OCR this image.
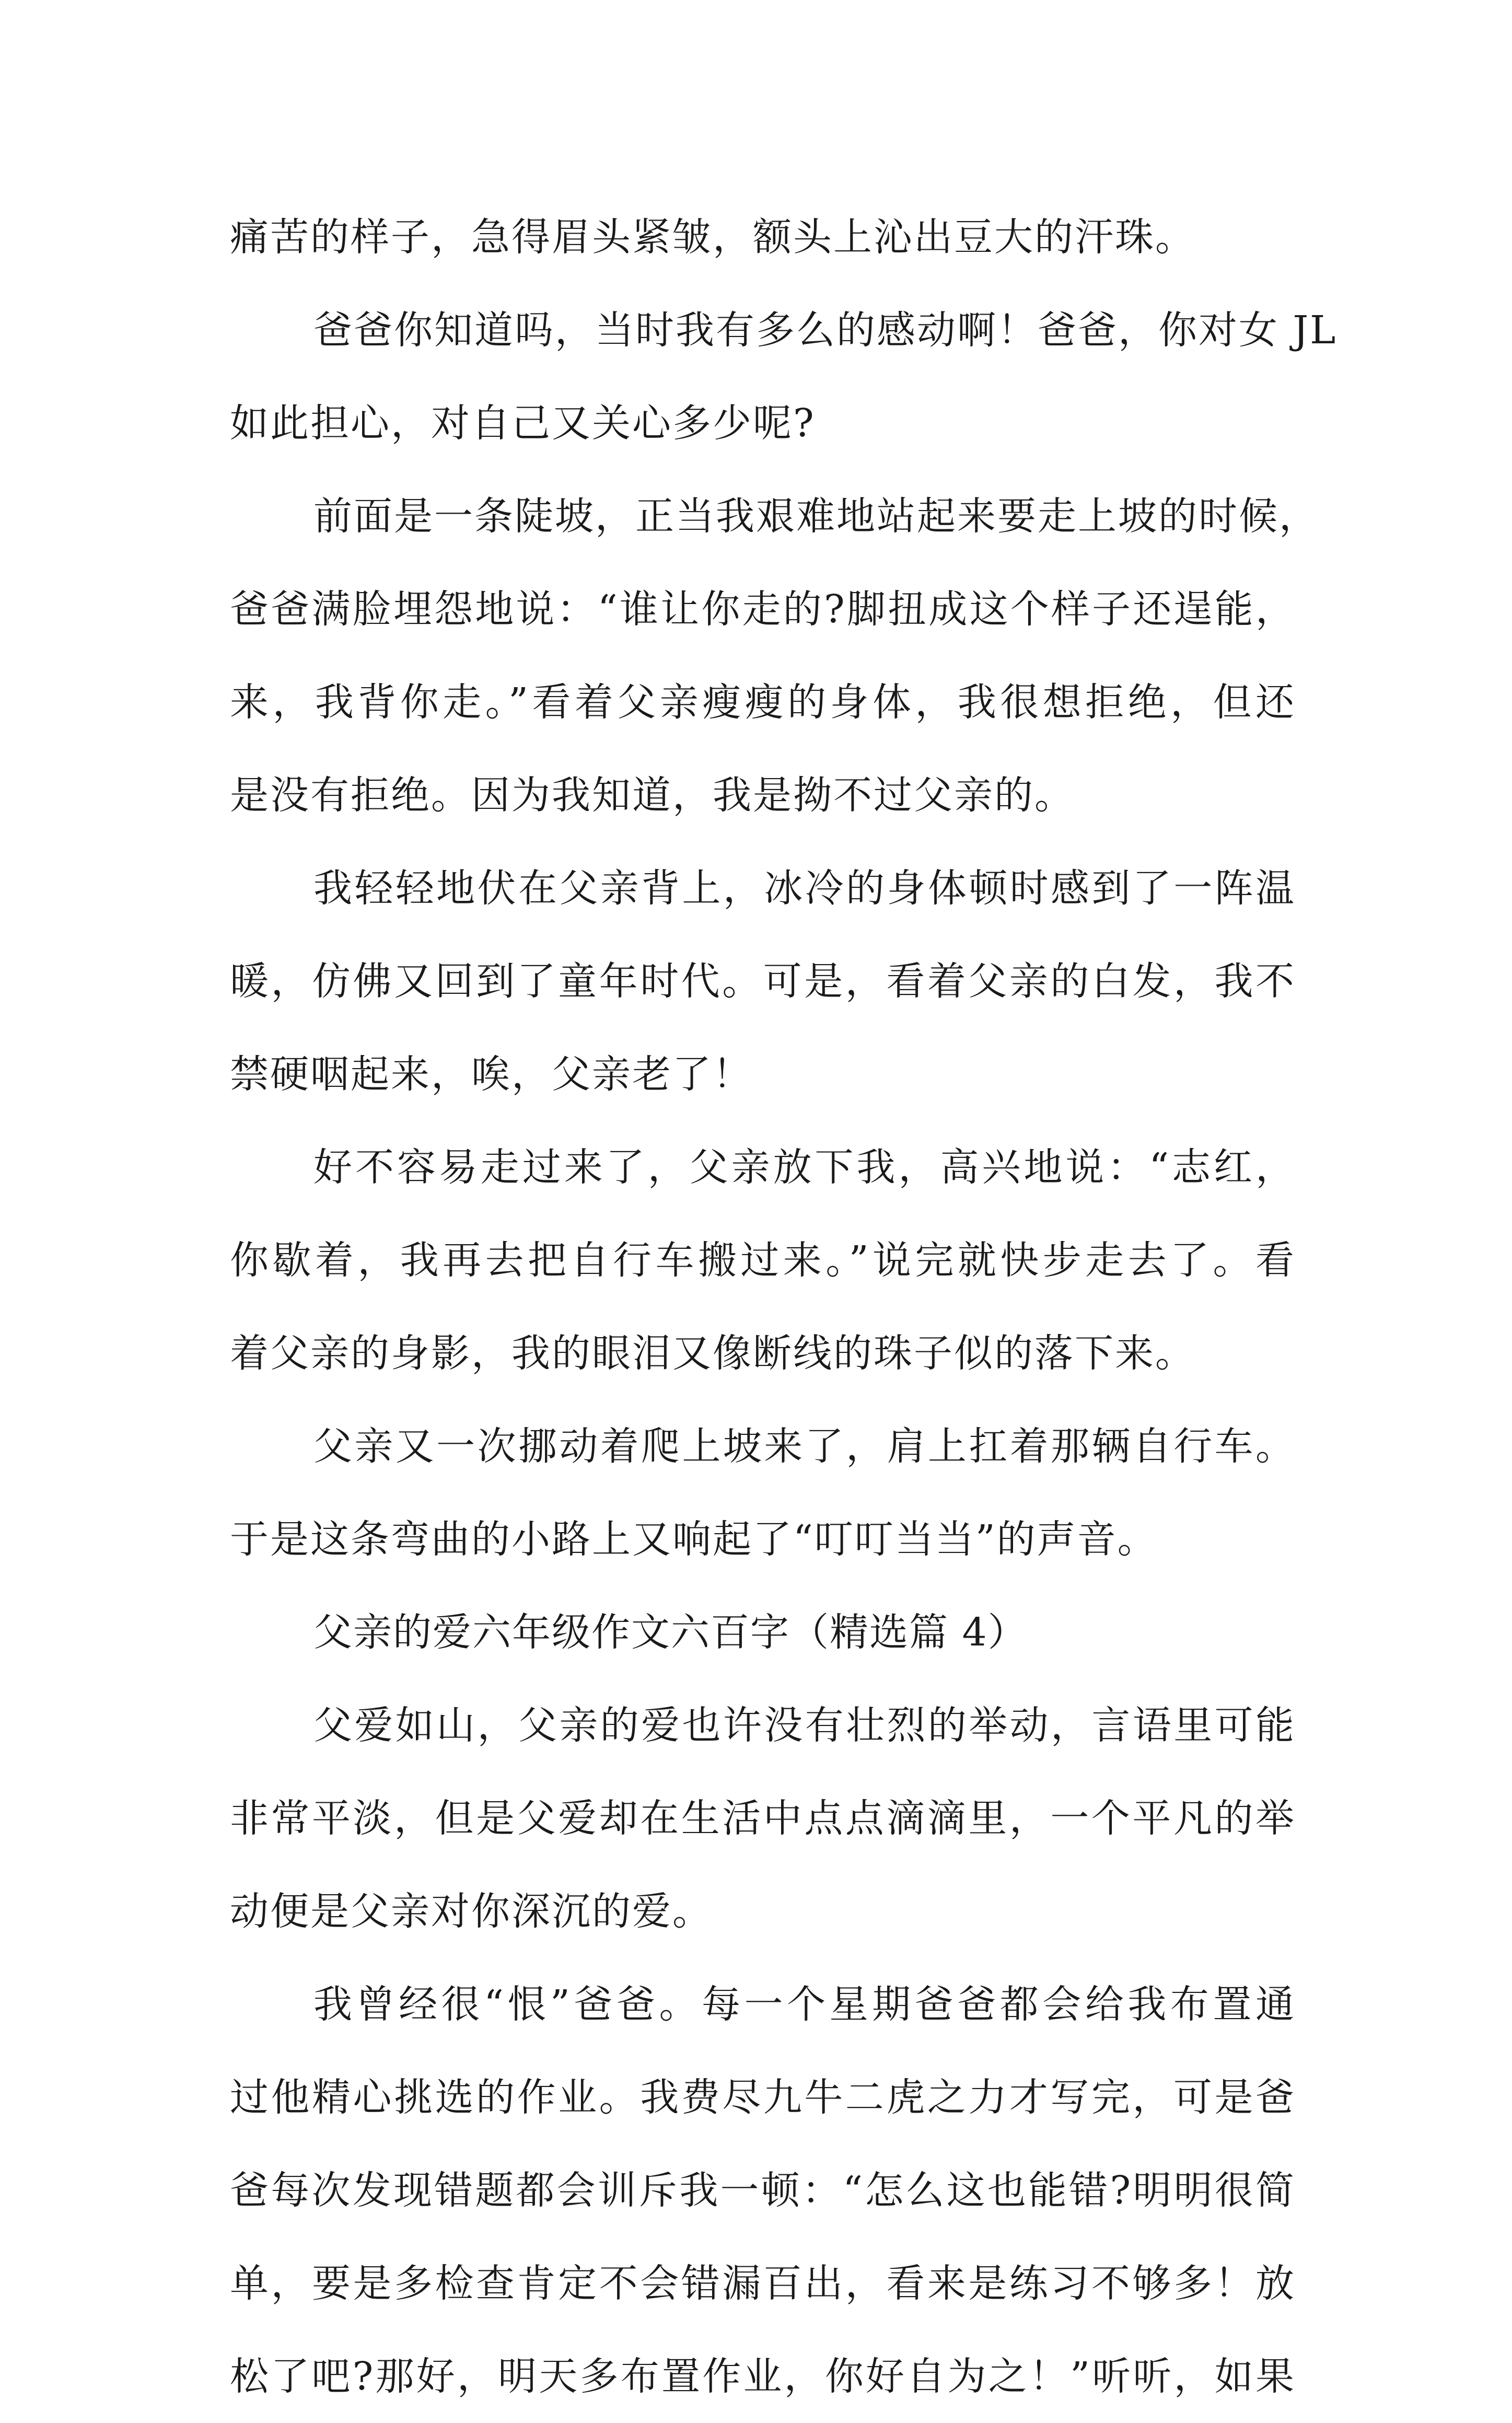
痛苦的样子，急得眉头紧皱，额头上沁出豆大的汗珠。
爸爸你知道吗，当时我有多么的感动啊！爸爸，你对女 JL
如此担心，对自己又关心多少呢?
前面是一条陡坡，正当我艰难地站起来要走上坡的时候，
爸爸满脸埋怨地说：“谁让你走的?脚扭成这个样子还逞能，
来，我背你走。”看着父亲瘦瘦的身体，我很想拒绝，但还
是没有拒绝。因为我知道，我是拗不过父亲的。
我轻轻地伏在父亲背上，冰冷的身体顿时感到了一阵温
暖，仿佛又回到了童年时代。可是，看着父亲的白发，我不
禁硬咽起来，唉，父亲老了！
好不容易走过来了，父亲放下我，高兴地说：“志红，
你歇着，我再去把自行车搬过来。”说完就快步走去了。看
着父亲的身影，我的眼泪又像断线的珠子似的落下来。
父亲又一次挪动着爬上坡来了，肩上扛着那辆自行车。
于是这条弯曲的小路上又响起了“叮叮当当”的声音。
父亲的爱六年级作文六百字（精选篇 4）
父爱如山，父亲的爱也许没有壮烈的举动，言语里可能
非常平淡，但是父爱却在生活中点点滴滴里，一个平凡的举
动便是父亲对你深沉的爱。
我曾经很“恨”爸爸。每一个星期爸爸都会给我布置通
过他精心挑选的作业。我费尽九牛二虎之力才写完，可是爸
爸每次发现错题都会训斥我一顿：“怎么这也能错?明明很简
单，要是多检查肯定不会错漏百出，看来是练习不够多！放
松了吧?那好，明天多布置作业，你好自为之！”听听，如果
